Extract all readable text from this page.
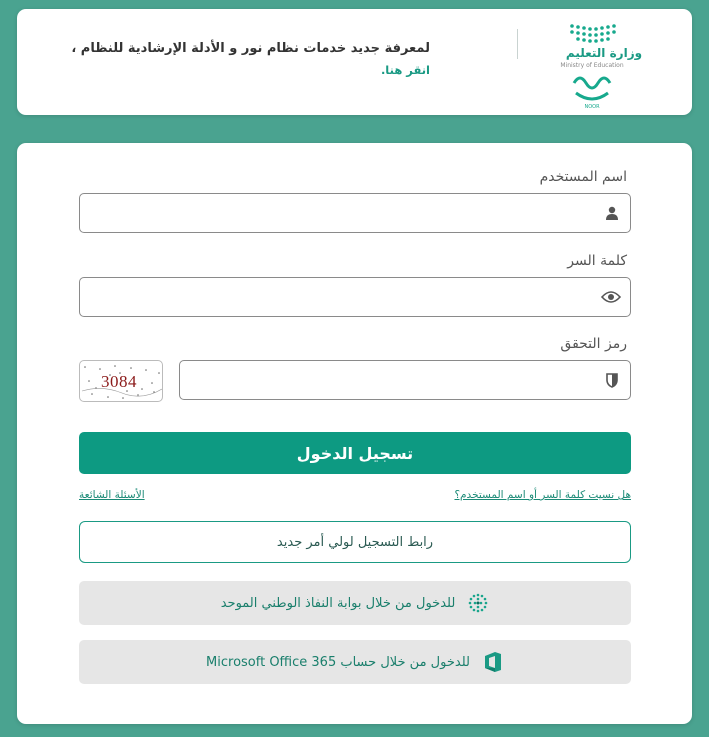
لمعرفة جديد خدمات نظام نور و الأدلة الإرشادية للنظام ،
انقر هنا.
وزارة التعليم
Ministry of Education
NOOR
اسم المستخدم
كلمة السر
رمز التحقق
3084
تسجيل الدخول
هل نسيت كلمة السر أو اسم المستخدم؟
الأسئلة الشائعة
رابط التسجيل لولي أمر جديد
للدخول من خلال بوابة النفاذ الوطني الموحد
للدخول من خلال حساب Microsoft Office 365
